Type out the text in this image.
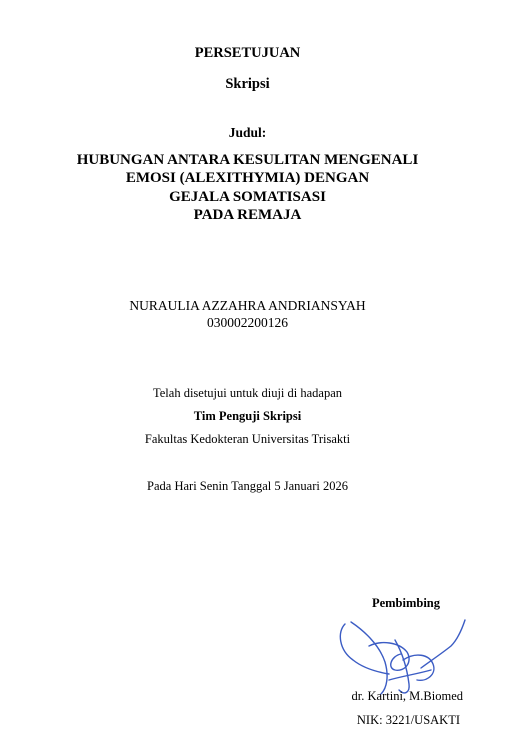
PERSETUJUAN
Skripsi
Judul:
HUBUNGAN ANTARA KESULITAN MENGENALI
EMOSI (ALEXITHYMIA) DENGAN
GEJALA SOMATISASI
PADA REMAJA
NURAULIA AZZAHRA ANDRIANSYAH
030002200126
Telah disetujui untuk diuji di hadapan
Tim Penguji Skripsi
Fakultas Kedokteran Universitas Trisakti
Pada Hari Senin Tanggal 5 Januari 2026
Pembimbing
dr. Kartini, M.Biomed
NIK: 3221/USAKTI
